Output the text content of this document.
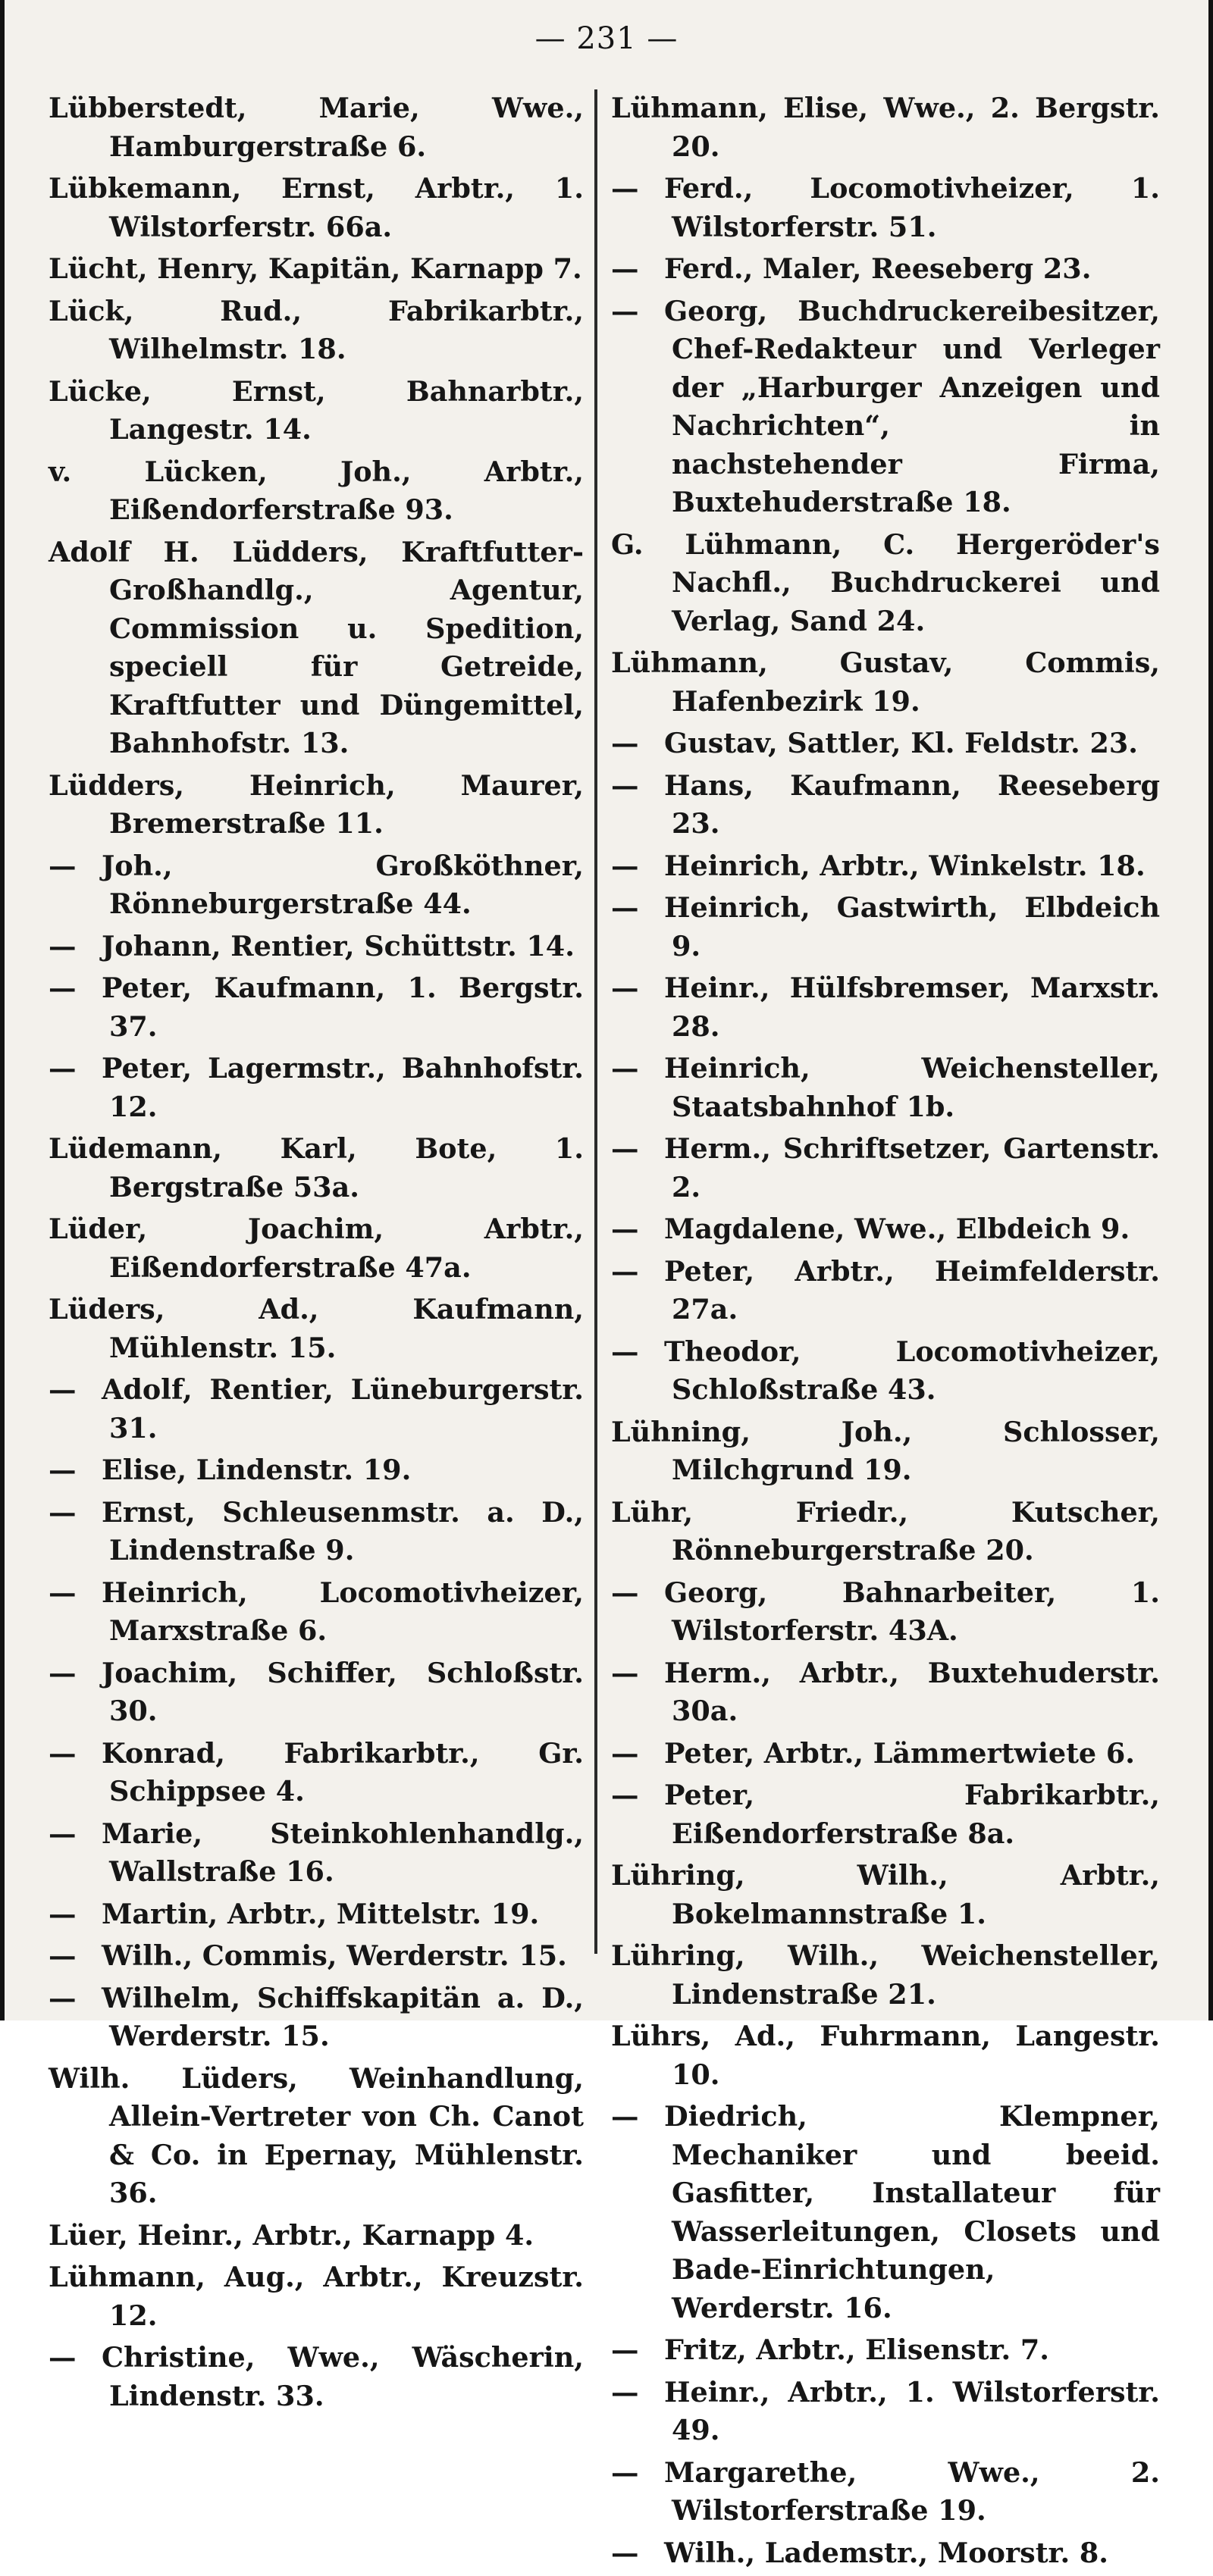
— 231 —

Lübberstedt, Marie, Wwe., Hamburgerstraße 6.

Lübkemann, Ernst, Arbtr., 1. Wilstorferstr. 66a.

Lücht, Henry, Kapitän, Karnapp 7.

Lück, Rud., Fabrikarbtr., Wilhelmstr. 18.

Lücke, Ernst, Bahnarbtr., Langestr. 14.

v. Lücken, Joh., Arbtr., Eißendorferstraße 93.

Adolf H. Lüdders, Kraftfutter-Großhandlg., Agentur, Commission u. Spedition, speciell für Getreide, Kraftfutter und Düngemittel, Bahnhofstr. 13.

Lüdders, Heinrich, Maurer, Bremerstraße 11.

— Joh., Großköthner, Rönneburgerstraße 44.

— Johann, Rentier, Schüttstr. 14.

— Peter, Kaufmann, 1. Bergstr. 37.

— Peter, Lagermstr., Bahnhofstr. 12.

Lüdemann, Karl, Bote, 1. Bergstraße 53a.

Lüder, Joachim, Arbtr., Eißendorferstraße 47a.

Lüders, Ad., Kaufmann, Mühlenstr. 15.

— Adolf, Rentier, Lüneburgerstr. 31.

— Elise, Lindenstr. 19.

— Ernst, Schleusenmstr. a. D., Lindenstraße 9.

— Heinrich, Locomotivheizer, Marxstraße 6.

— Joachim, Schiffer, Schloßstr. 30.

— Konrad, Fabrikarbtr., Gr. Schippsee 4.

— Marie, Steinkohlenhandlg., Wallstraße 16.

— Martin, Arbtr., Mittelstr. 19.

— Wilh., Commis, Werderstr. 15.

— Wilhelm, Schiffskapitän a. D., Werderstr. 15.

Wilh. Lüders, Weinhandlung, Allein-Vertreter von Ch. Canot & Co. in Epernay, Mühlenstr. 36.

Lüer, Heinr., Arbtr., Karnapp 4.

Lühmann, Aug., Arbtr., Kreuzstr. 12.

— Christine, Wwe., Wäscherin, Lindenstr. 33.

Lühmann, Elise, Wwe., 2. Bergstr. 20.

— Ferd., Locomotivheizer, 1. Wilstorferstr. 51.

— Ferd., Maler, Reeseberg 23.

— Georg, Buchdruckereibesitzer, Chef-Redakteur und Verleger der „Harburger Anzeigen und Nachrichten“, in nachstehender Firma, Buxtehuderstraße 18.

G. Lühmann, C. Hergeröder's Nachfl., Buchdruckerei und Verlag, Sand 24.

Lühmann, Gustav, Commis, Hafenbezirk 19.

— Gustav, Sattler, Kl. Feldstr. 23.

— Hans, Kaufmann, Reeseberg 23.

— Heinrich, Arbtr., Winkelstr. 18.

— Heinrich, Gastwirth, Elbdeich 9.

— Heinr., Hülfsbremser, Marxstr. 28.

— Heinrich, Weichensteller, Staatsbahnhof 1b.

— Herm., Schriftsetzer, Gartenstr. 2.

— Magdalene, Wwe., Elbdeich 9.

— Peter, Arbtr., Heimfelderstr. 27a.

— Theodor, Locomotivheizer, Schloßstraße 43.

Lühning, Joh., Schlosser, Milchgrund 19.

Lühr, Friedr., Kutscher, Rönneburgerstraße 20.

— Georg, Bahnarbeiter, 1. Wilstorferstr. 43A.

— Herm., Arbtr., Buxtehuderstr. 30a.

— Peter, Arbtr., Lämmertwiete 6.

— Peter, Fabrikarbtr., Eißendorferstraße 8a.

Lühring, Wilh., Arbtr., Bokelmannstraße 1.

Lühring, Wilh., Weichensteller, Lindenstraße 21.

Lührs, Ad., Fuhrmann, Langestr. 10.

— Diedrich, Klempner, Mechaniker und beeid. Gasfitter, Installateur für Wasserleitungen, Closets und Bade-Einrichtungen, Werderstr. 16.

— Fritz, Arbtr., Elisenstr. 7.

— Heinr., Arbtr., 1. Wilstorferstr. 49.

— Margarethe, Wwe., 2. Wilstorferstraße 19.

— Wilh., Lademstr., Moorstr. 8.
